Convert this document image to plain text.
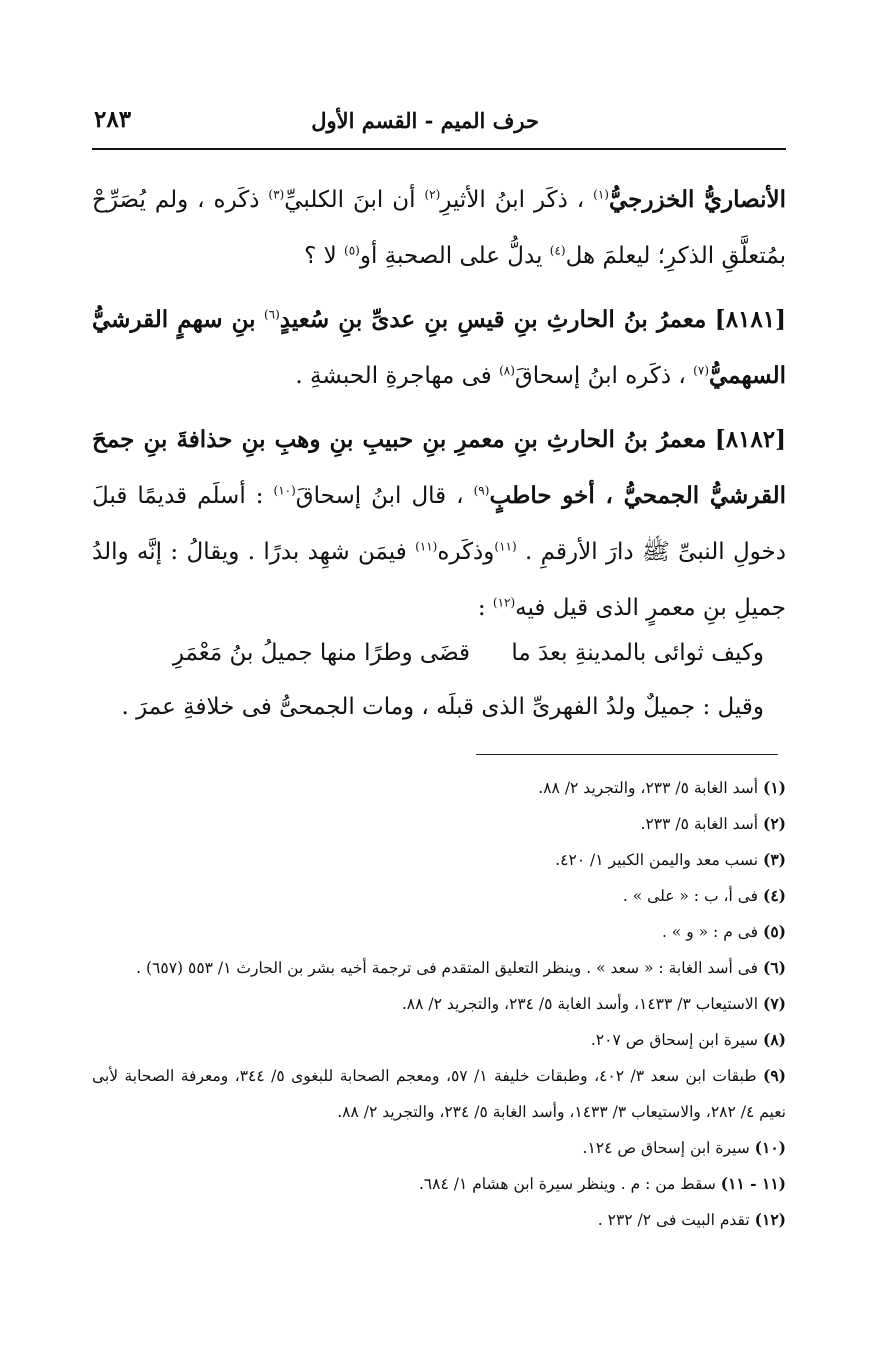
حرف الميم - القسم الأول
٢٨٣

الأنصاريُّ الخزرجيُّ$^{(١)}$ ، ذكَر ابنُ الأثيرِ$^{(٢)}$ أن ابنَ الكلبيِّ$^{(٣)}$ ذكَره ، ولم يُصَرِّحْ بمُتعلَّقِ الذكرِ؛ ليعلمَ هل$^{(٤)}$ يدلُّ على الصحبةِ أو$^{(٥)}$ لا ؟

[٨١٨١] معمرُ بنُ الحارثِ بنِ قيسِ بنِ عدىِّ بنِ سُعيدٍ$^{(٦)}$ بنِ سهمٍ القرشيُّ السهميُّ$^{(٧)}$ ، ذكَره ابنُ إسحاقَ$^{(٨)}$ فى مهاجرةِ الحبشةِ .

[٨١٨٢] معمرُ بنُ الحارثِ بنِ معمرِ بنِ حبيبِ بنِ وهبِ بنِ حذافةَ بنِ جمحَ القرشيُّ الجمحيُّ ، أخو حاطبٍ$^{(٩)}$ ، قال ابنُ إسحاقَ$^{(١٠)}$ : أسلَم قديمًا قبلَ دخولِ النبىِّ ﷺ دارَ الأرقمِ . $^{(١١)}$وذكَره$^{(١١)}$ فيمَن شهِد بدرًا . ويقالُ : إنَّه والدُ جميلِ بنِ معمرٍ الذى قيل فيه$^{(١٢)}$ :

وكيف ثوائى بالمدينةِ بعدَ ما قضَى وطرًا منها جميلُ بنُ مَعْمَرِ
وقيل : جميلٌ ولدُ الفهرىِّ الذى قبلَه ، ومات الجمحىُّ فى خلافةِ عمرَ .

(١) أسد الغابة ٥/ ٢٣٣، والتجريد ٢/ ٨٨.

(٢) أسد الغابة ٥/ ٢٣٣.

(٣) نسب معد واليمن الكبير ١/ ٤٢٠.

(٤) فى أ، ب : « على » .

(٥) فى م : « و » .

(٦) فى أسد الغابة : « سعد » . وينظر التعليق المتقدم فى ترجمة أخيه بشر بن الحارث ١/ ٥٥٣ (٦٥٧) .

(٧) الاستيعاب ٣/ ١٤٣٣، وأسد الغابة ٥/ ٢٣٤، والتجريد ٢/ ٨٨.

(٨) سيرة ابن إسحاق ص ٢٠٧.

(٩) طبقات ابن سعد ٣/ ٤٠٢، وطبقات خليفة ١/ ٥٧، ومعجم الصحابة للبغوى ٥/ ٣٤٤، ومعرفة الصحابة لأبى نعيم ٤/ ٢٨٢، والاستيعاب ٣/ ١٤٣٣، وأسد الغابة ٥/ ٢٣٤، والتجريد ٢/ ٨٨.

(١٠) سيرة ابن إسحاق ص ١٢٤.

(١١ - ١١) سقط من : م . وينظر سيرة ابن هشام ١/ ٦٨٤.

(١٢) تقدم البيت فى ٢/ ٢٣٢ .
